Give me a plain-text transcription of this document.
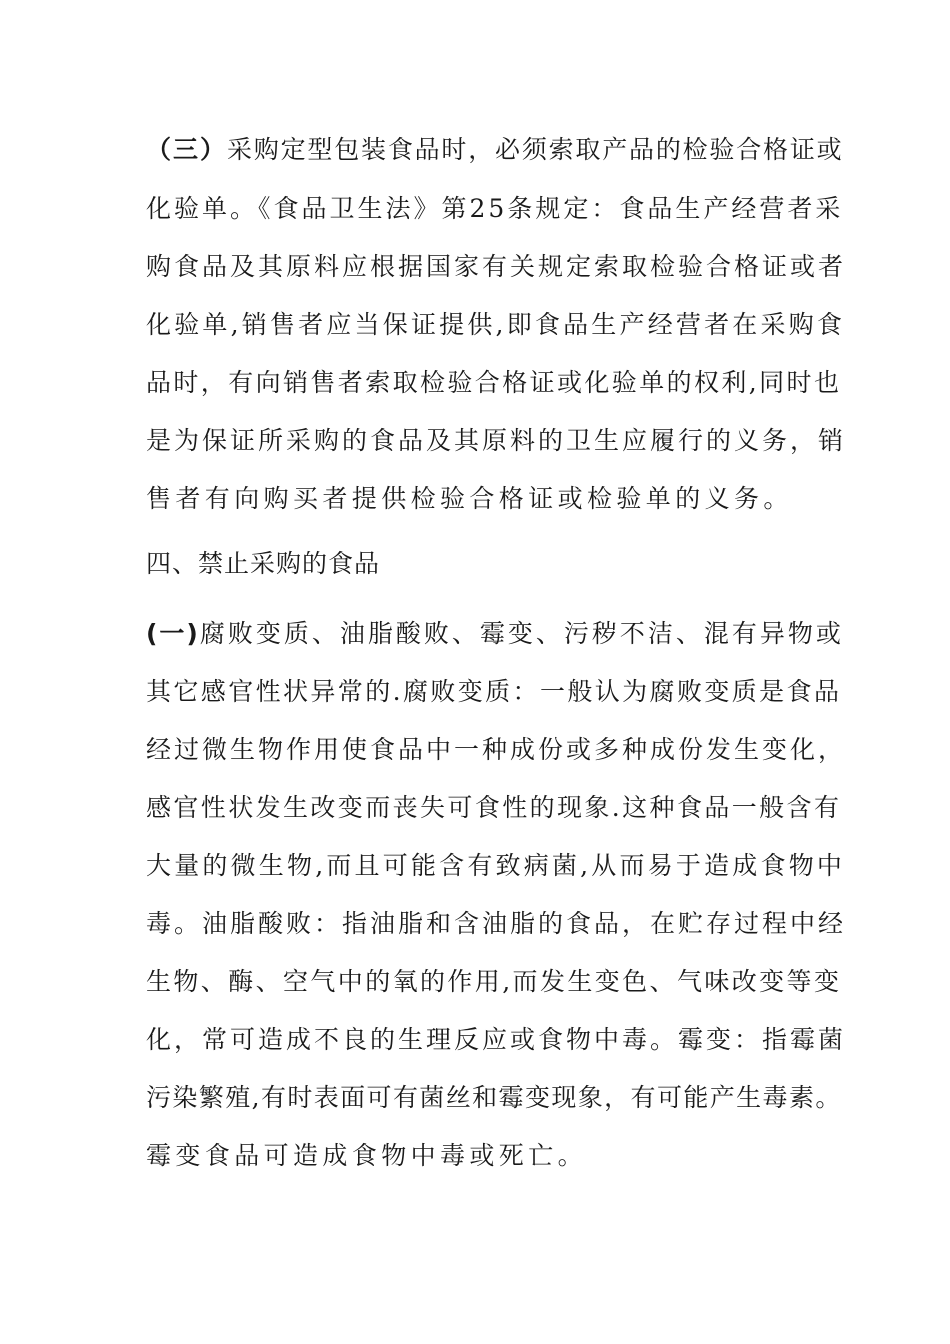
（三）采购定型包装食品时，必须索取产品的检验合格证或
化验单。《食品卫生法》第25条规定：食品生产经营者采
购食品及其原料应根据国家有关规定索取检验合格证或者
化验单,销售者应当保证提供,即食品生产经营者在采购食
品时，有向销售者索取检验合格证或化验单的权利,同时也
是为保证所采购的食品及其原料的卫生应履行的义务，销
售者有向购买者提供检验合格证或检验单的义务。
四、禁止采购的食品
(一)腐败变质、油脂酸败、霉变、污秽不洁、混有异物或
其它感官性状异常的.腐败变质：一般认为腐败变质是食品
经过微生物作用使食品中一种成份或多种成份发生变化，
感官性状发生改变而丧失可食性的现象.这种食品一般含有
大量的微生物,而且可能含有致病菌,从而易于造成食物中
毒。油脂酸败：指油脂和含油脂的食品，在贮存过程中经
生物、酶、空气中的氧的作用,而发生变色、气味改变等变
化，常可造成不良的生理反应或食物中毒。霉变：指霉菌
污染繁殖,有时表面可有菌丝和霉变现象，有可能产生毒素。
霉变食品可造成食物中毒或死亡。
